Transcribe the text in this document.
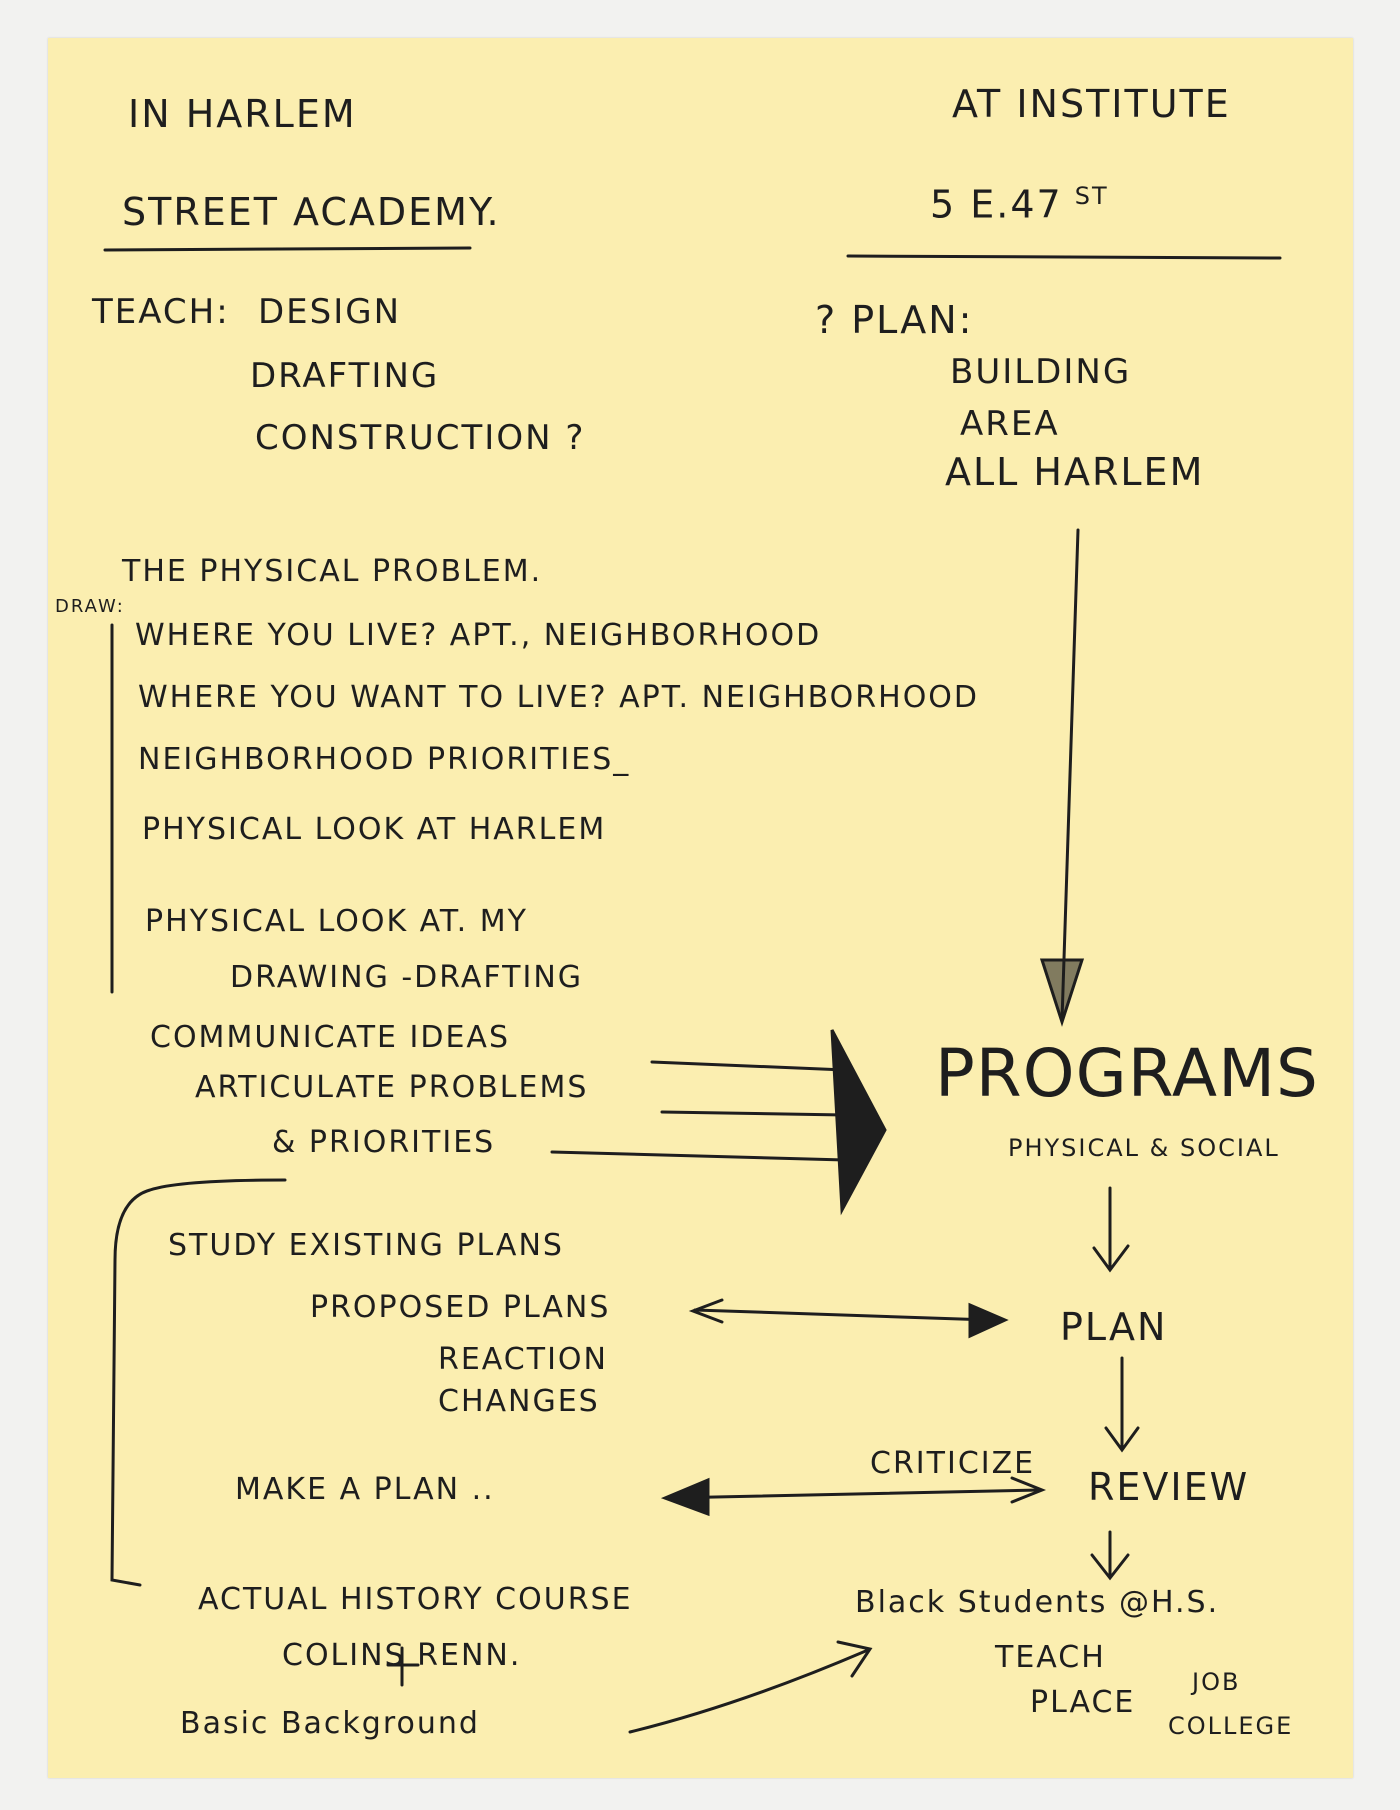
IN HARLEM
STREET ACADEMY.
AT INSTITUTE
5 E.47 $^{ST}$
TEACH: DESIGN
DRAFTING
CONSTRUCTION ?
? PLAN:
BUILDING
AREA
ALL HARLEM
THE PHYSICAL PROBLEM.
DRAW:
WHERE YOU LIVE? APT., NEIGHBORHOOD
WHERE YOU WANT TO LIVE? APT. NEIGHBORHOOD
NEIGHBORHOOD PRIORITIES_
PHYSICAL LOOK AT HARLEM
PHYSICAL LOOK AT. MY
DRAWING -DRAFTING
COMMUNICATE IDEAS
ARTICULATE PROBLEMS
& PRIORITIES
PROGRAMS
PHYSICAL & SOCIAL
STUDY EXISTING PLANS
PROPOSED PLANS
REACTION
CHANGES
PLAN
CRITICIZE
REVIEW
MAKE A PLAN ..
Black Students @H.S.
TEACH
PLACE
JOB
COLLEGE
ACTUAL HISTORY COURSE
COLINS RENN.
Basic Background
